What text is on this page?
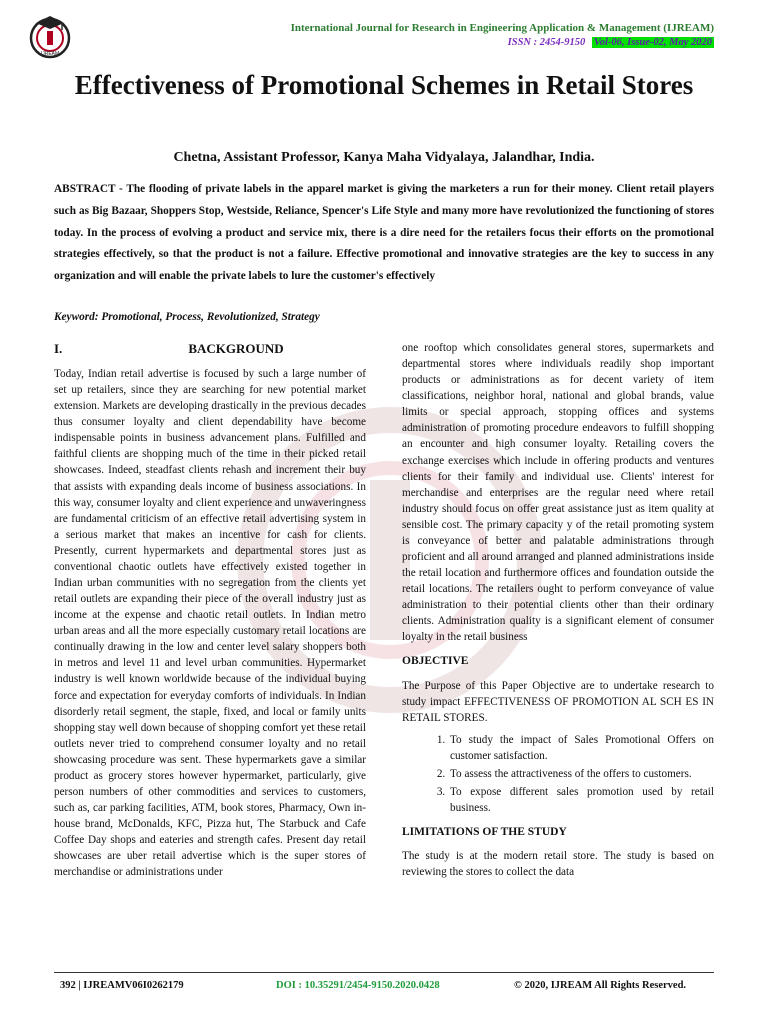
IJREAM
International Journal for Research in Engineering Application & Management (IJREAM)
ISSN : 2454-9150 Vol-06, Issue-02, May 2020
Effectiveness of Promotional Schemes in Retail Stores
Chetna, Assistant Professor, Kanya Maha Vidyalaya, Jalandhar, India.
ABSTRACT - The flooding of private labels in the apparel market is giving the marketers a run for their money. Client retail players such as Big Bazaar, Shoppers Stop, Westside, Reliance, Spencer's Life Style and many more have revolutionized the functioning of stores today. In the process of evolving a product and service mix, there is a dire need for the retailers focus their efforts on the promotional strategies effectively, so that the product is not a failure. Effective promotional and innovative strategies are the key to success in any organization and will enable the private labels to lure the customer's effectively
Keyword: Promotional, Process, Revolutionized, Strategy
I.	BACKGROUND

Today, Indian retail advertise is focused by such a large number of set up retailers, since they are searching for new potential market extension. Markets are developing drastically in the previous decades thus consumer loyalty and client dependability have become indispensable points in business advancement plans. Fulfilled and faithful clients are shopping much of the time in their picked retail showcases. Indeed, steadfast clients rehash and increment their buy that assists with expanding deals income of business associations. In this way, consumer loyalty and client experience and unwaveringness are fundamental criticism of an effective retail advertising system in a serious market that makes an incentive for cash for clients. Presently, current hypermarkets and departmental stores just as conventional chaotic outlets have effectively existed together in Indian urban communities with no segregation from the clients yet retail outlets are expanding their piece of the overall industry just as income at the expense and chaotic retail outlets. In Indian metro urban areas and all the more especially customary retail locations are continually drawing in the low and center level salary shoppers both in metros and level 11 and level urban communities. Hypermarket industry is well known worldwide because of the individual buying force and expectation for everyday comforts of individuals. In Indian disorderly retail segment, the staple, fixed, and local or family units shopping stay well down because of shopping comfort yet these retail outlets never tried to comprehend consumer loyalty and no retail showcasing procedure was sent. These hypermarkets gave a similar product as grocery stores however hypermarket, particularly, give person numbers of other commodities and services to customers, such as, car parking facilities, ATM, book stores, Pharmacy, Own in-house brand, McDonalds, KFC, Pizza hut, The Starbuck and Cafe Coffee Day shops and eateries and strength cafes. Present day retail showcases are uber retail advertise which is the super stores of merchandise or administrations under

one rooftop which consolidates general stores, supermarkets and departmental stores where individuals readily shop important products or administrations as for decent variety of item classifications, neighbor horal, national and global brands, value limits or special approach, stopping offices and systems administration of promoting procedure endeavors to fulfill shopping an encounter and high consumer loyalty. Retailing covers the exchange exercises which include in offering products and ventures clients for their family and individual use. Clients' interest for merchandise and enterprises are the regular need where retail industry should focus on offer great assistance just as item quality at sensible cost. The primary capacity y of the retail promoting system is conveyance of better and palatable administrations through proficient and all around arranged and planned administrations inside the retail location and furthermore offices and foundation outside the retail locations. The retailers ought to perform conveyance of value administration to their potential clients other than their ordinary clients. Administration quality is a significant element of consumer loyalty in the retail business

OBJECTIVE

The Purpose of this Paper Objective are to undertake research to study impact EFFECTIVENESS OF PROMOTION AL SCH ES IN RETAIL STORES.

1. To study the impact of Sales Promotional Offers on customer satisfaction.
2. To assess the attractiveness of the offers to customers.
3. To expose different sales promotion used by retail business.
LIMITATIONS OF THE STUDY

The study is at the modern retail store. The study is based on reviewing the stores to collect the data

392 | IJREAMV06I0262179	DOI : 10.35291/2454-9150.2020.0428	© 2020, IJREAM All Rights Reserved.
